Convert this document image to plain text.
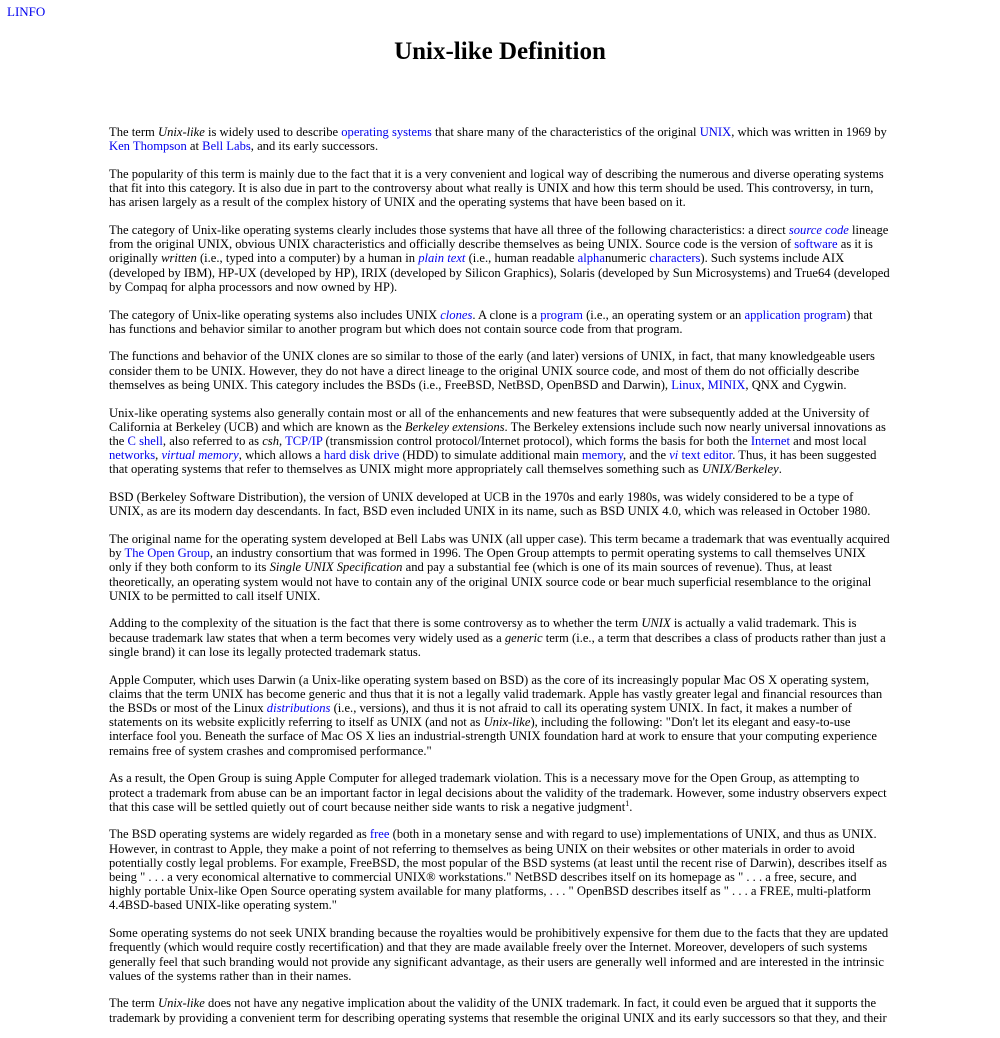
LINFO
Unix-like Definition

The term Unix-like is widely used to describe operating systems that share many of the characteristics of the original UNIX, which was written in 1969 by Ken Thompson at Bell Labs, and its early successors.

The popularity of this term is mainly due to the fact that it is a very convenient and logical way of describing the numerous and diverse operating systems that fit into this category. It is also due in part to the controversy about what really is UNIX and how this term should be used. This controversy, in turn, has arisen largely as a result of the complex history of UNIX and the operating systems that have been based on it.

The category of Unix-like operating systems clearly includes those systems that have all three of the following characteristics: a direct source code lineage from the original UNIX, obvious UNIX characteristics and officially describe themselves as being UNIX. Source code is the version of software as it is originally written (i.e., typed into a computer) by a human in plain text (i.e., human readable alphanumeric characters). Such systems include AIX (developed by IBM), HP-UX (developed by HP), IRIX (developed by Silicon Graphics), Solaris (developed by Sun Microsystems) and True64 (developed by Compaq for alpha processors and now owned by HP).

The category of Unix-like operating systems also includes UNIX clones. A clone is a program (i.e., an operating system or an application program) that has functions and behavior similar to another program but which does not contain source code from that program.

The functions and behavior of the UNIX clones are so similar to those of the early (and later) versions of UNIX, in fact, that many knowledgeable users consider them to be UNIX. However, they do not have a direct lineage to the original UNIX source code, and most of them do not officially describe themselves as being UNIX. This category includes the BSDs (i.e., FreeBSD, NetBSD, OpenBSD and Darwin), Linux, MINIX, QNX and Cygwin.

Unix-like operating systems also generally contain most or all of the enhancements and new features that were subsequently added at the University of California at Berkeley (UCB) and which are known as the Berkeley extensions. The Berkeley extensions include such now nearly universal innovations as the C shell, also referred to as csh, TCP/IP (transmission control protocol/Internet protocol), which forms the basis for both the Internet and most local networks, virtual memory, which allows a hard disk drive (HDD) to simulate additional main memory, and the vi text editor. Thus, it has been suggested that operating systems that refer to themselves as UNIX might more appropriately call themselves something such as UNIX/Berkeley.

BSD (Berkeley Software Distribution), the version of UNIX developed at UCB in the 1970s and early 1980s, was widely considered to be a type of UNIX, as are its modern day descendants. In fact, BSD even included UNIX in its name, such as BSD UNIX 4.0, which was released in October 1980.

The original name for the operating system developed at Bell Labs was UNIX (all upper case). This term became a trademark that was eventually acquired by The Open Group, an industry consortium that was formed in 1996. The Open Group attempts to permit operating systems to call themselves UNIX only if they both conform to its Single UNIX Specification and pay a substantial fee (which is one of its main sources of revenue). Thus, at least theoretically, an operating system would not have to contain any of the original UNIX source code or bear much superficial resemblance to the original UNIX to be permitted to call itself UNIX.

Adding to the complexity of the situation is the fact that there is some controversy as to whether the term UNIX is actually a valid trademark. This is because trademark law states that when a term becomes very widely used as a generic term (i.e., a term that describes a class of products rather than just a single brand) it can lose its legally protected trademark status.

Apple Computer, which uses Darwin (a Unix-like operating system based on BSD) as the core of its increasingly popular Mac OS X operating system, claims that the term UNIX has become generic and thus that it is not a legally valid trademark. Apple has vastly greater legal and financial resources than the BSDs or most of the Linux distributions (i.e., versions), and thus it is not afraid to call its operating system UNIX. In fact, it makes a number of statements on its website explicitly referring to itself as UNIX (and not as Unix-like), including the following: "Don't let its elegant and easy-to-use interface fool you. Beneath the surface of Mac OS X lies an industrial-strength UNIX foundation hard at work to ensure that your computing experience remains free of system crashes and compromised performance."

As a result, the Open Group is suing Apple Computer for alleged trademark violation. This is a necessary move for the Open Group, as attempting to protect a trademark from abuse can be an important factor in legal decisions about the validity of the trademark. However, some industry observers expect that this case will be settled quietly out of court because neither side wants to risk a negative judgment$^1$.

The BSD operating systems are widely regarded as free (both in a monetary sense and with regard to use) implementations of UNIX, and thus as UNIX. However, in contrast to Apple, they make a point of not referring to themselves as being UNIX on their websites or other materials in order to avoid potentially costly legal problems. For example, FreeBSD, the most popular of the BSD systems (at least until the recent rise of Darwin), describes itself as being " . . . a very economical alternative to commercial UNIX® workstations." NetBSD describes itself on its homepage as " . . . a free, secure, and highly portable Unix-like Open Source operating system available for many platforms, . . . " OpenBSD describes itself as " . . . a FREE, multi-platform 4.4BSD-based UNIX-like operating system."

Some operating systems do not seek UNIX branding because the royalties would be prohibitively expensive for them due to the facts that they are updated frequently (which would require costly recertification) and that they are made available freely over the Internet. Moreover, developers of such systems generally feel that such branding would not provide any significant advantage, as their users are generally well informed and are interested in the intrinsic values of the systems rather than in their names.

The term Unix-like does not have any negative implication about the validity of the UNIX trademark. In fact, it could even be argued that it supports the trademark by providing a convenient term for describing operating systems that resemble the original UNIX and its early successors so that they, and their
